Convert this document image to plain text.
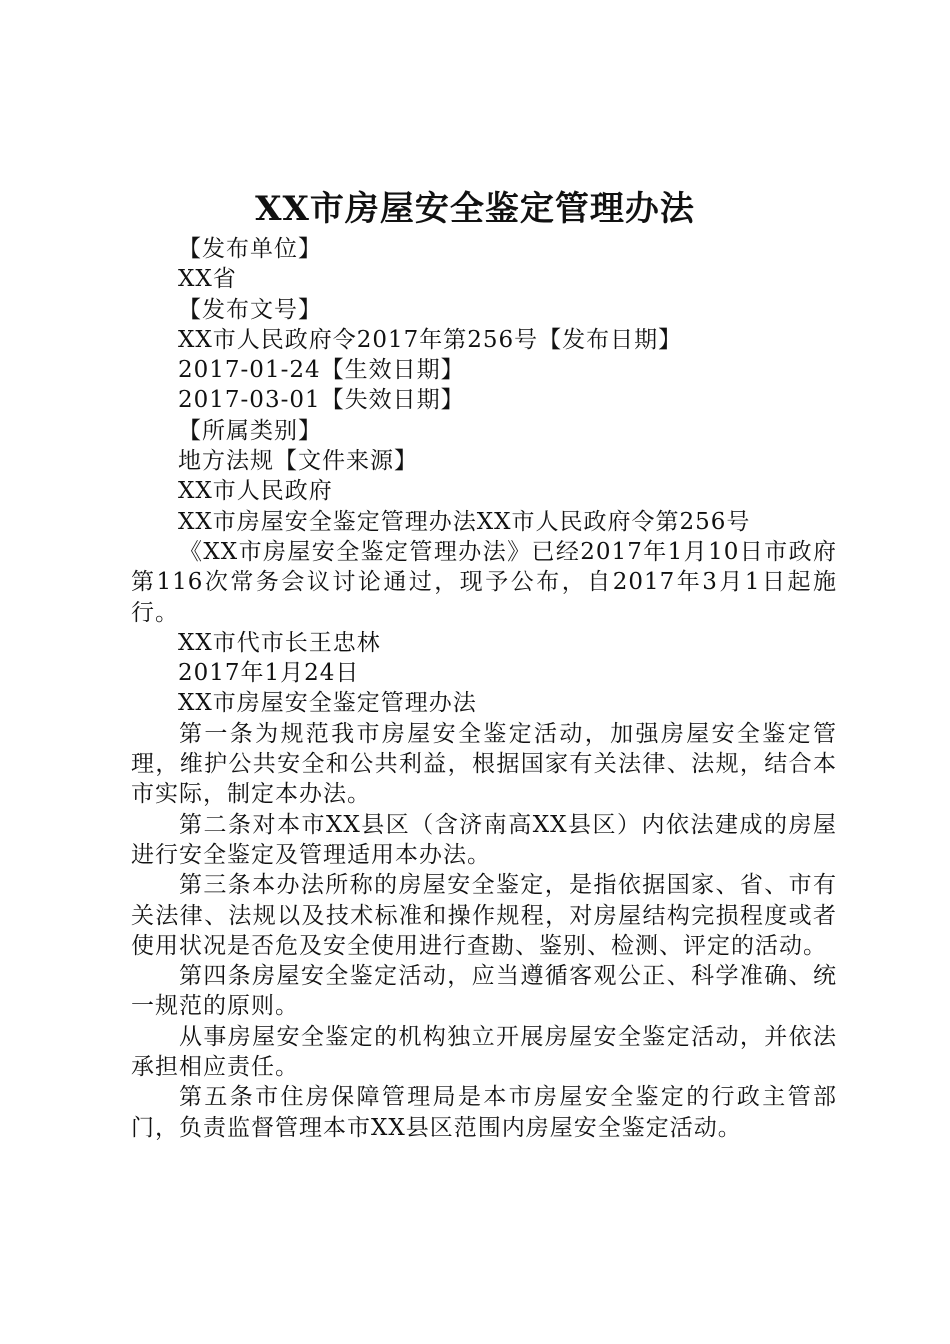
XX市房屋安全鉴定管理办法

【发布单位】

XX省

【发布文号】

XX市人民政府令2017年第256号【发布日期】

2017-01-24【生效日期】

2017-03-01【失效日期】

【所属类别】

地方法规【文件来源】

XX市人民政府

XX市房屋安全鉴定管理办法XX市人民政府令第256号

《XX市房屋安全鉴定管理办法》已经2017年1月10日市政府第116次常务会议讨论通过，现予公布，自2017年3月1日起施行。

XX市代市长王忠林

2017年1月24日

XX市房屋安全鉴定管理办法

第一条为规范我市房屋安全鉴定活动，加强房屋安全鉴定管理，维护公共安全和公共利益，根据国家有关法律、法规，结合本市实际，制定本办法。

第二条对本市XX县区（含济南高XX县区）内依法建成的房屋进行安全鉴定及管理适用本办法。

第三条本办法所称的房屋安全鉴定，是指依据国家、省、市有关法律、法规以及技术标准和操作规程，对房屋结构完损程度或者使用状况是否危及安全使用进行查勘、鉴别、检测、评定的活动。

第四条房屋安全鉴定活动，应当遵循客观公正、科学准确、统一规范的原则。

从事房屋安全鉴定的机构独立开展房屋安全鉴定活动，并依法承担相应责任。

第五条市住房保障管理局是本市房屋安全鉴定的行政主管部门，负责监督管理本市XX县区范围内房屋安全鉴定活动。
